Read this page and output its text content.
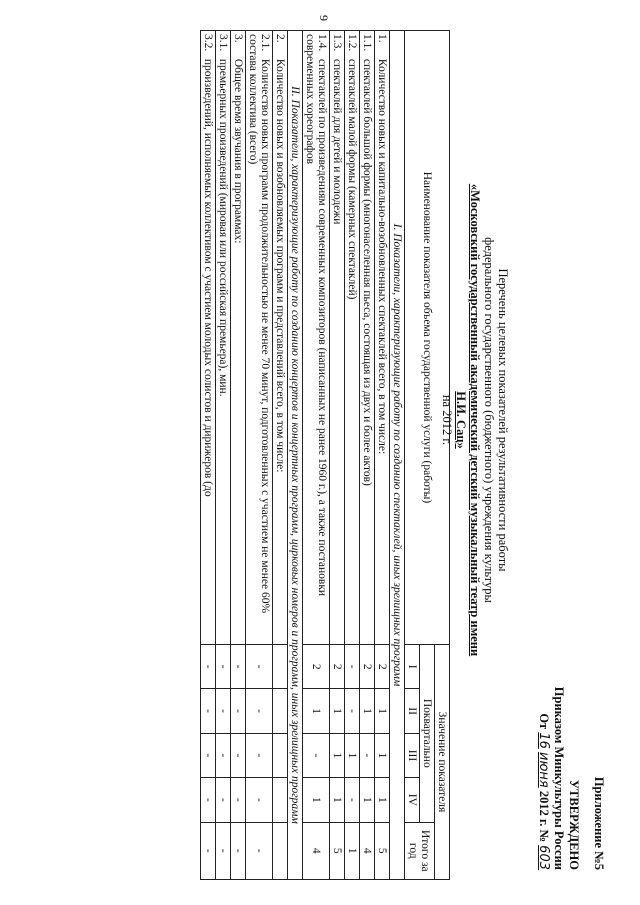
9
Приложение №5
УТВЕРЖДЕНО
Приказом Минкультуры России
От 16 июня 2012 г. № 603
Перечень целевых показателей результативности работы
федерального государственного (бюджетного) учреждения культуры
«Московский государственный академический детский музыкальный театр имени Н.И. Сац»
на 2012 г.
Наименование показателя объема государственной услуги (работы)	Значение показателя				
	Поквартально				Итого за год
	I	II	III	IV	
I. Показатели, характеризующие работу по созданию спектаклей, иных зрелищных программ					
1. Количество новых и капитально-возобновленных спектаклей всего, в том числе:	2	1	1	1	5
1.1. спектаклей большой формы (многонаселенная пьеса, состоящая из двух и более актов)	2	1	-	1	4
1.2. спектаклей малой формы (камерных спектаклей)	-	-	1	-	1
1.3. спектаклей для детей и молодежи	2	1	1	1	5
1.4. спектаклей по произведениям современных композиторов (написанных не ранее 1960 г.), а также постановки современных хореографов	2	1	-	1	4
II. Показатели, характеризующие работу по созданию концертов и концертных программ, цирковых номеров и программ, иных зрелищных программ					
2. Количество новых и возобновляемых программ и представлений всего, в том числе:					
2.1. Количество новых программ продолжительностью не менее 70 минут, подготовленных с участием не менее 60% состава коллектива (всего)	-	-	-	-	-
3. Общее время звучания в программах:	-	-	-	-	-
3.1. премьерных произведений (мировая или российская премьера), мин.	-	-	-	-	-
3.2. произведений, исполняемых коллективом с участием молодых солистов и дирижеров (до	-	-	-	-	-
